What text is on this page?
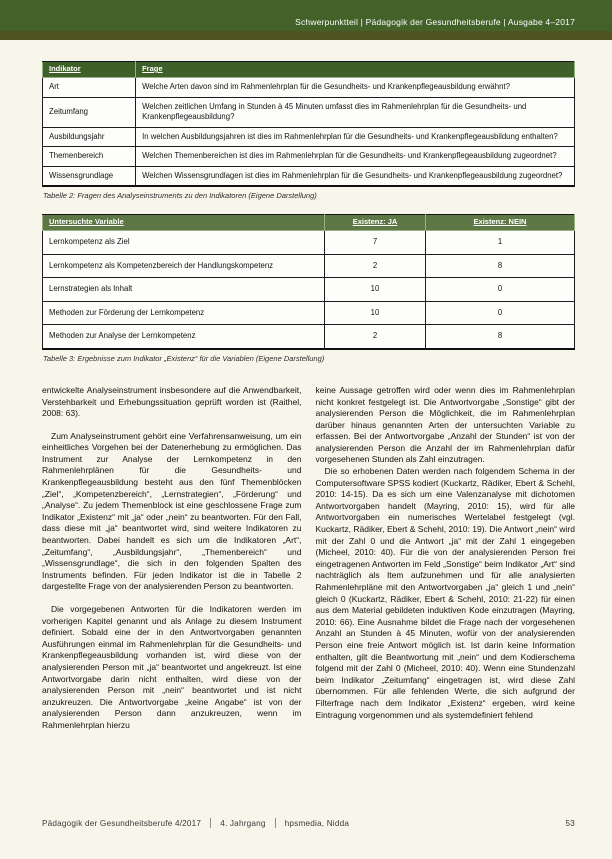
Schwerpunktteil | Pädagogik der Gesundheitsberufe | Ausgabe 4–2017
Indikator	Frage
Art	Welche Arten davon sind im Rahmenlehrplan für die Gesundheits- und Krankenpflegeausbildung erwähnt?
Zeitumfang	Welchen zeitlichen Umfang in Stunden à 45 Minuten umfasst dies im Rahmenlehrplan für die Gesundheits- und Krankenpflegeausbildung?
Ausbildungsjahr	In welchen Ausbildungsjahren ist dies im Rahmenlehrplan für die Gesundheits- und Krankenpflegeausbildung enthalten?
Themenbereich	Welchen Themenbereichen ist dies im Rahmenlehrplan für die Gesundheits- und Krankenpflegeausbildung zugeordnet?
Wissensgrundlage	Welchen Wissensgrundlagen ist dies im Rahmenlehrplan für die Gesundheits- und Krankenpflegeausbildung zugeordnet?
Tabelle 2: Fragen des Analyseinstruments zu den Indikatoren (Eigene Darstellung)
Untersuchte Variable	Existenz: JA	Existenz: NEIN
Lernkompetenz als Ziel	7	1
Lernkompetenz als Kompetenzbereich der Handlungskompetenz	2	8
Lernstrategien als Inhalt	10	0
Methoden zur Förderung der Lernkompetenz	10	0
Methoden zur Analyse der Lernkompetenz	2	8
Tabelle 3: Ergebnisse zum Indikator „Existenz“ für die Variablen (Eigene Darstellung)

entwickelte Analyseinstrument insbesondere auf die Anwendbarkeit, Verstehbarkeit und Erhebungssituation geprüft worden ist (Raithel, 2008: 63).

Zum Analyseinstrument gehört eine Verfahrensanweisung, um ein einheitliches Vorgehen bei der Datenerhebung zu ermöglichen. Das Instrument zur Analyse der Lernkompetenz in den Rahmenlehrplänen für die Gesundheits- und Krankenpflegeausbildung besteht aus den fünf Themenblöcken „Ziel“, „Kompetenzbereich“, „Lernstrategien“, „Förderung“ und „Analyse“. Zu jedem Themenblock ist eine geschlossene Frage zum Indikator „Existenz“ mit „ja“ oder „nein“ zu beantworten. Für den Fall, dass diese mit „ja“ beantwortet wird, sind weitere Indikatoren zu beantworten. Dabei handelt es sich um die Indikatoren „Art“, „Zeitumfang“, „Ausbildungsjahr“, „Themenbereich“ und „Wissensgrundlage“, die sich in den folgenden Spalten des Instruments befinden. Für jeden Indikator ist die in Tabelle 2 dargestellte Frage von der analysierenden Person zu beantworten.

Die vorgegebenen Antworten für die Indikatoren werden im vorherigen Kapitel genannt und als Anlage zu diesem Instrument definiert. Sobald eine der in den Antwortvorgaben genannten Ausführungen einmal im Rahmenlehrplan für die Gesundheits- und Krankenpflegeausbildung vorhanden ist, wird diese von der analysierenden Person mit „ja“ beantwortet und angekreuzt. Ist eine Antwortvorgabe darin nicht enthalten, wird diese von der analysierenden Person mit „nein“ beantwortet und ist nicht anzukreuzen. Die Antwortvorgabe „keine Angabe“ ist von der analysierenden Person dann anzukreuzen, wenn im Rahmenlehrplan hierzu

keine Aussage getroffen wird oder wenn dies im Rahmenlehrplan nicht konkret festgelegt ist. Die Antwortvorgabe „Sonstige“ gibt der analysierenden Person die Möglichkeit, die im Rahmenlehrplan darüber hinaus genannten Arten der untersuchten Variable zu erfassen. Bei der Antwortvorgabe „Anzahl der Stunden“ ist von der analysierenden Person die Anzahl der im Rahmenlehrplan dafür vorgesehenen Stunden als Zahl einzutragen.

Die so erhobenen Daten werden nach folgendem Schema in der Computersoftware SPSS kodiert (Kuckartz, Rädiker, Ebert & Schehl, 2010: 14-15). Da es sich um eine Valenzanalyse mit dichotomen Antwortvorgaben handelt (Mayring, 2010: 15), wird für alle Antwortvorgaben ein numerisches Wertelabel festgelegt (vgl. Kuckartz, Rädiker, Ebert & Schehl, 2010: 19). Die Antwort „nein“ wird mit der Zahl 0 und die Antwort „ja“ mit der Zahl 1 eingegeben (Micheel, 2010: 40). Für die von der analysierenden Person frei eingetragenen Antworten im Feld „Sonstige“ beim Indikator „Art“ sind nachträglich als Item aufzunehmen und für alle analysierten Rahmenlehrpläne mit den Antwortvorgaben „ja“ gleich 1 und „nein“ gleich 0 (Kuckartz, Rädiker, Ebert & Schehl, 2010: 21-22) für einen aus dem Material gebildeten induktiven Kode einzutragen (Mayring, 2010: 66). Eine Ausnahme bildet die Frage nach der vorgesehenen Anzahl an Stunden à 45 Minuten, wofür von der analysierenden Person eine freie Antwort möglich ist. Ist darin keine Information enthalten, gilt die Beantwortung mit „nein“ und dem Kodierschema folgend mit der Zahl 0 (Micheel, 2010: 40). Wenn eine Stundenzahl beim Indikator „Zeitumfang“ eingetragen ist, wird diese Zahl übernommen. Für alle fehlenden Werte, die sich aufgrund der Filterfrage nach dem Indikator „Existenz“ ergeben, wird keine Eintragung vorgenommen und als systemdefiniert fehlend

Pädagogik der Gesundheitsberufe 4/2017 4. Jahrgang hpsmedia, Nidda	53
